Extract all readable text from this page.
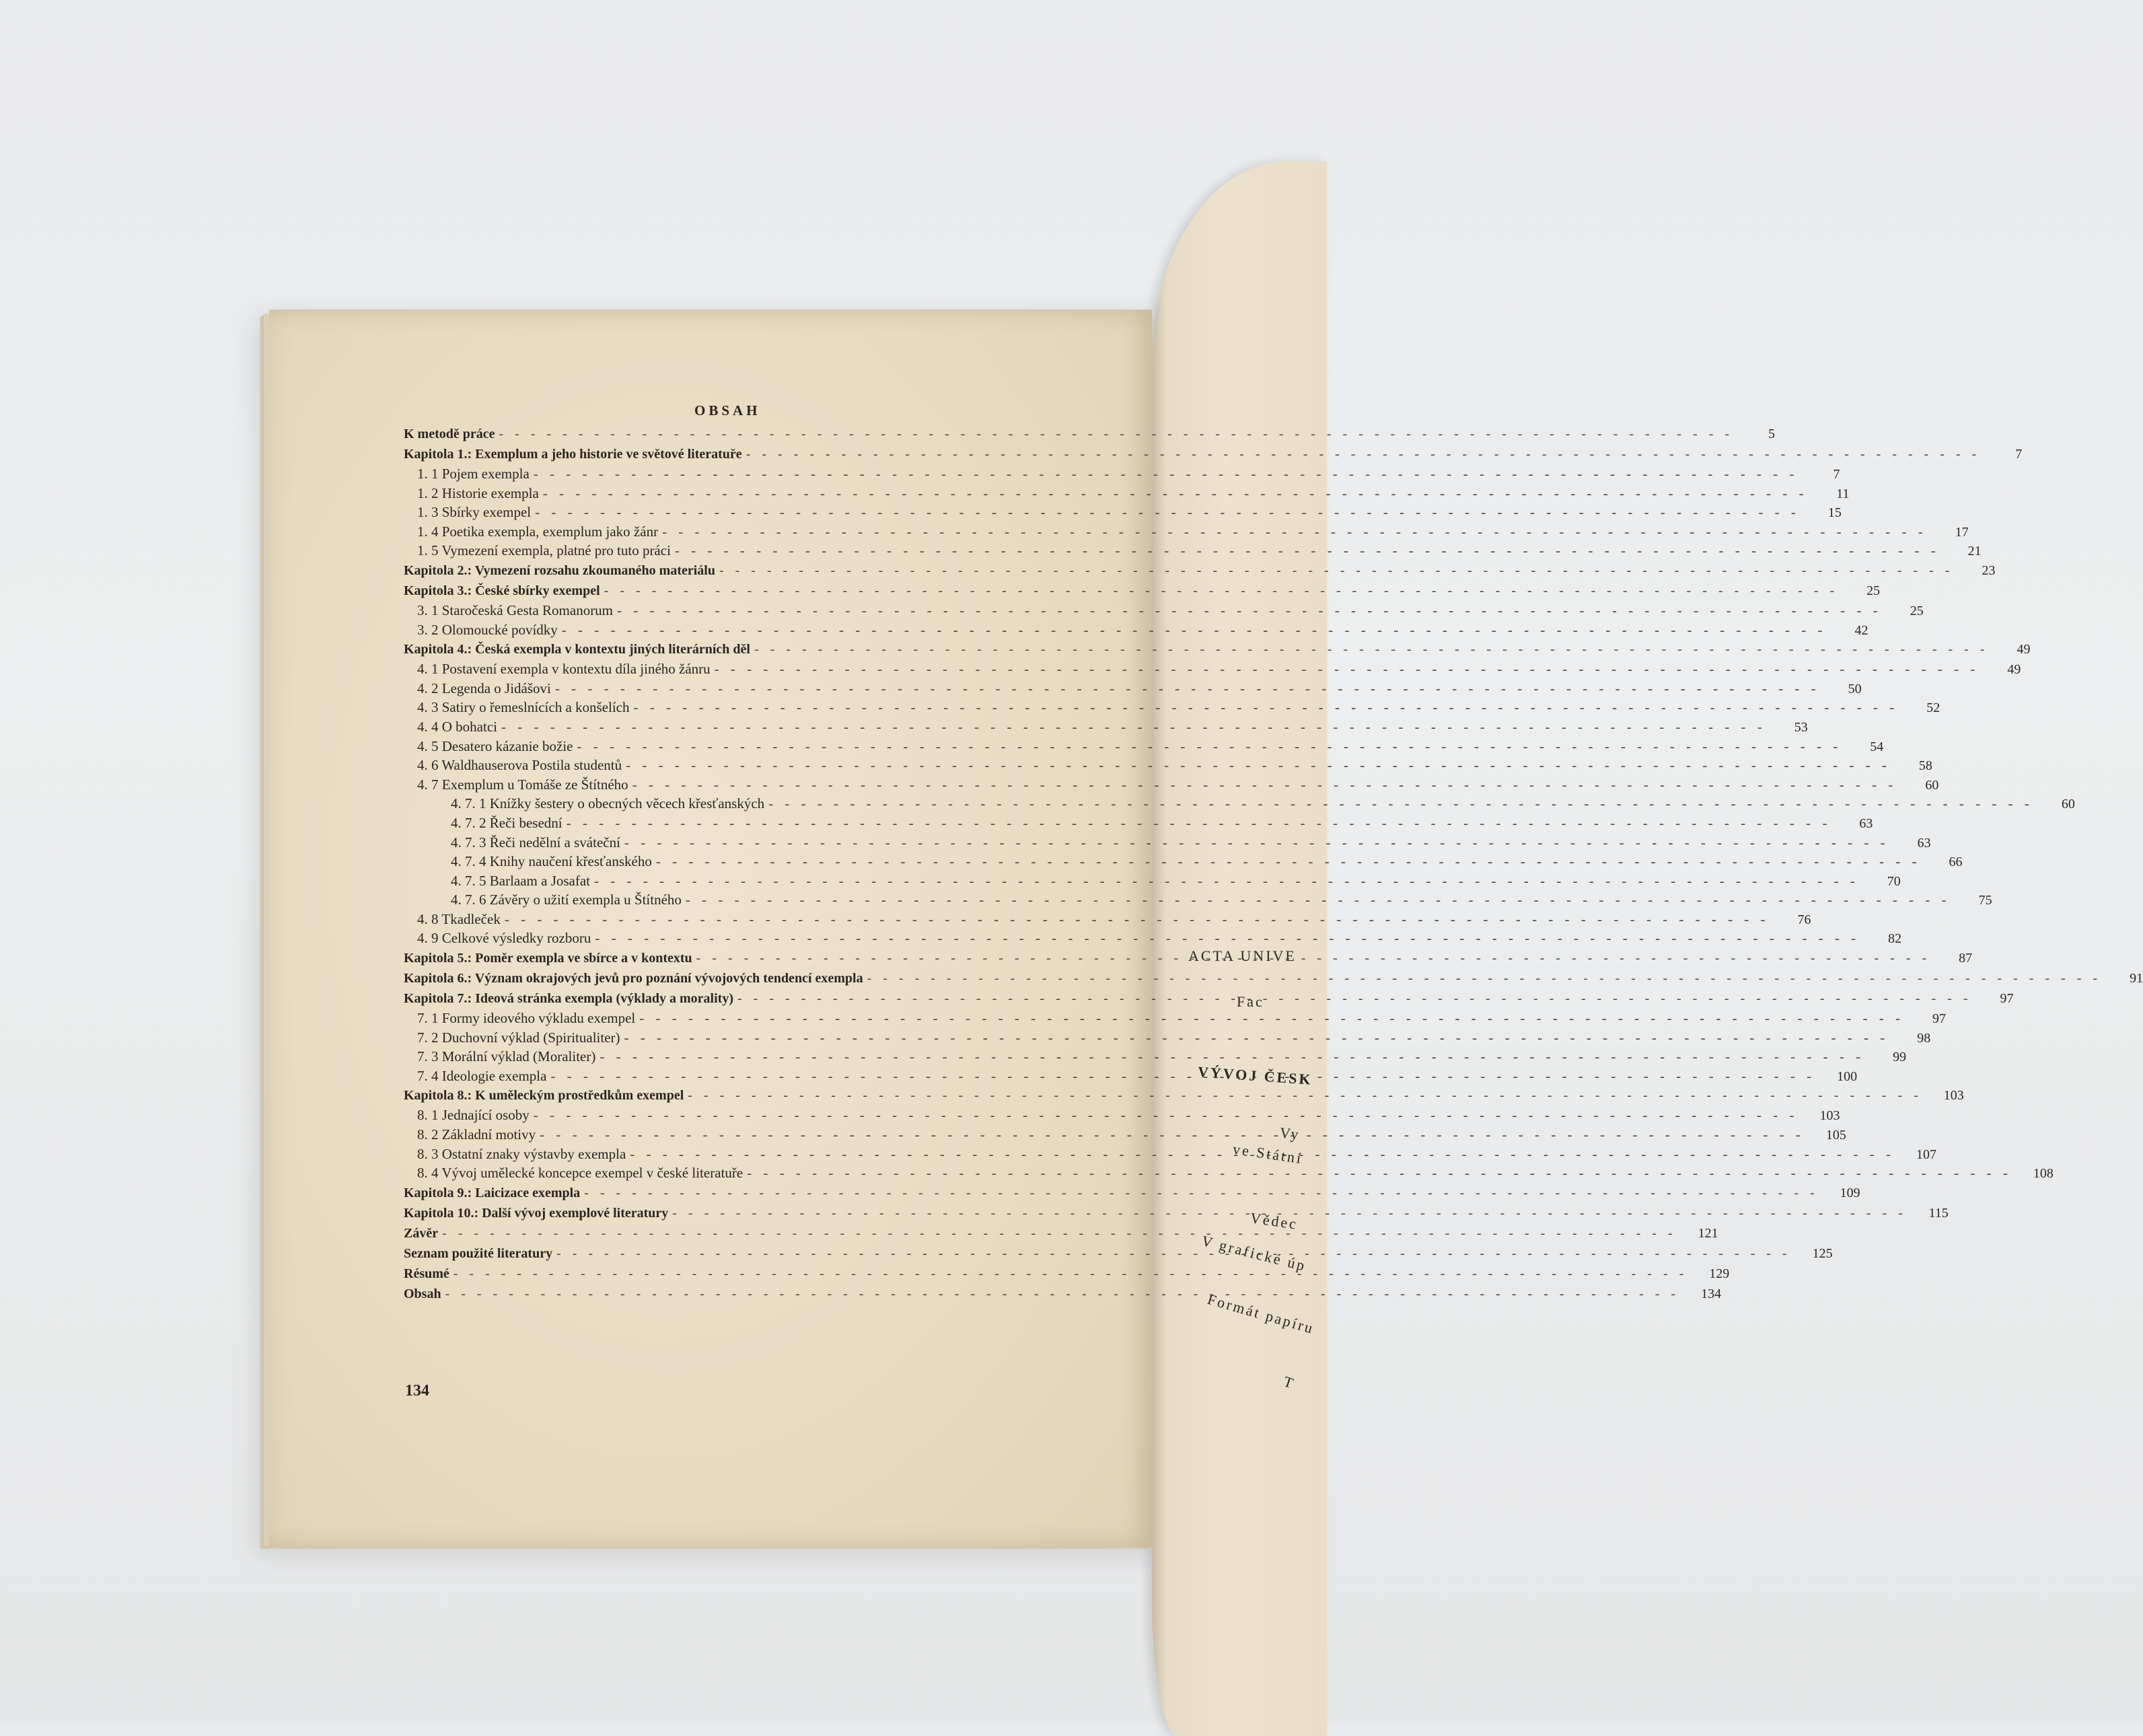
ACTA UNIVE
Fac
VÝVOJ ČESK
Vy
ve Státní
Vědec
V grafické úp
Formát papíru
T
OBSAH
K metodě práce - - -	5
Kapitola 1.: Exemplum a jeho historie ve světové literatuře - - -	7
1. 1 Pojem exempla - - -	7
1. 2 Historie exempla - - -	11
1. 3 Sbírky exempel - - -	15
1. 4 Poetika exempla, exemplum jako žánr - - -	17
1. 5 Vymezení exempla, platné pro tuto práci - - -	21
Kapitola 2.: Vymezení rozsahu zkoumaného materiálu - - -	23
Kapitola 3.: České sbírky exempel - - -	25
3. 1 Staročeská Gesta Romanorum - - -	25
3. 2 Olomoucké povídky - - -	42
Kapitola 4.: Česká exempla v kontextu jiných literárních děl - - -	49
4. 1 Postavení exempla v kontextu díla jiného žánru - - -	49
4. 2 Legenda o Jidášovi - - -	50
4. 3 Satiry o řemeslnících a konšelích - - -	52
4. 4 O bohatci - - -	53
4. 5 Desatero kázanie božie - - -	54
4. 6 Waldhauserova Postila studentů - - -	58
4. 7 Exemplum u Tomáše ze Štítného - - -	60
4. 7. 1 Knížky šestery o obecných věcech křesťanských - - -	60
4. 7. 2 Řeči besední - - -	63
4. 7. 3 Řeči nedělní a sváteční - - -	63
4. 7. 4 Knihy naučení křesťanského - - -	66
4. 7. 5 Barlaam a Josafat - - -	70
4. 7. 6 Závěry o užití exempla u Štítného - - -	75
4. 8 Tkadleček - - -	76
4. 9 Celkové výsledky rozboru - - -	82
Kapitola 5.: Poměr exempla ve sbírce a v kontextu - - -	87
Kapitola 6.: Význam okrajových jevů pro poznání vývojových tendencí exempla - - -	91
Kapitola 7.: Ideová stránka exempla (výklady a morality) - - -	97
7. 1 Formy ideového výkladu exempel - - -	97
7. 2 Duchovní výklad (Spiritualiter) - - -	98
7. 3 Morální výklad (Moraliter) - - -	99
7. 4 Ideologie exempla - - -	100
Kapitola 8.: K uměleckým prostředkům exempel - - -	103
8. 1 Jednající osoby - - -	103
8. 2 Základní motivy - - -	105
8. 3 Ostatní znaky výstavby exempla - - -	107
8. 4 Vývoj umělecké koncepce exempel v české literatuře - - -	108
Kapitola 9.: Laicizace exempla - - -	109
Kapitola 10.: Další vývoj exemplové literatury - - -	115
Závěr - - -	121
Seznam použité literatury - - -	125
Résumé - - -	129
Obsah - - -	134
134
